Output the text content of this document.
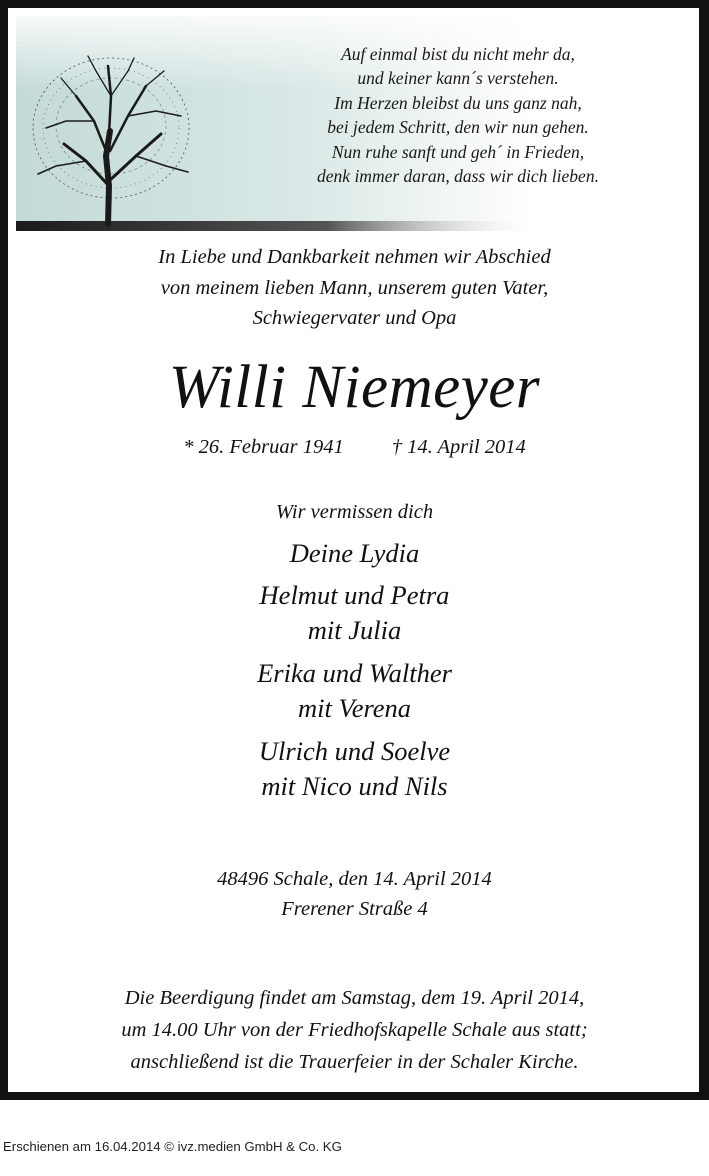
Auf einmal bist du nicht mehr da,
und keiner kann´s verstehen.
Im Herzen bleibst du uns ganz nah,
bei jedem Schritt, den wir nun gehen.
Nun ruhe sanft und geh´ in Frieden,
denk immer daran, dass wir dich lieben.
In Liebe und Dankbarkeit nehmen wir Abschied
von meinem lieben Mann, unserem guten Vater,
Schwiegervater und Opa
Willi Niemeyer
* 26. Februar 1941 † 14. April 2014
Wir vermissen dich
Deine Lydia
Helmut und Petra
mit Julia
Erika und Walther
mit Verena
Ulrich und Soelve
mit Nico und Nils
48496 Schale, den 14. April 2014
Frerener Straße 4
Die Beerdigung findet am Samstag, dem 19. April 2014,
um 14.00 Uhr von der Friedhofskapelle Schale aus statt;
anschließend ist die Trauerfeier in der Schaler Kirche.
Erschienen am 16.04.2014 © ivz.medien GmbH & Co. KG
